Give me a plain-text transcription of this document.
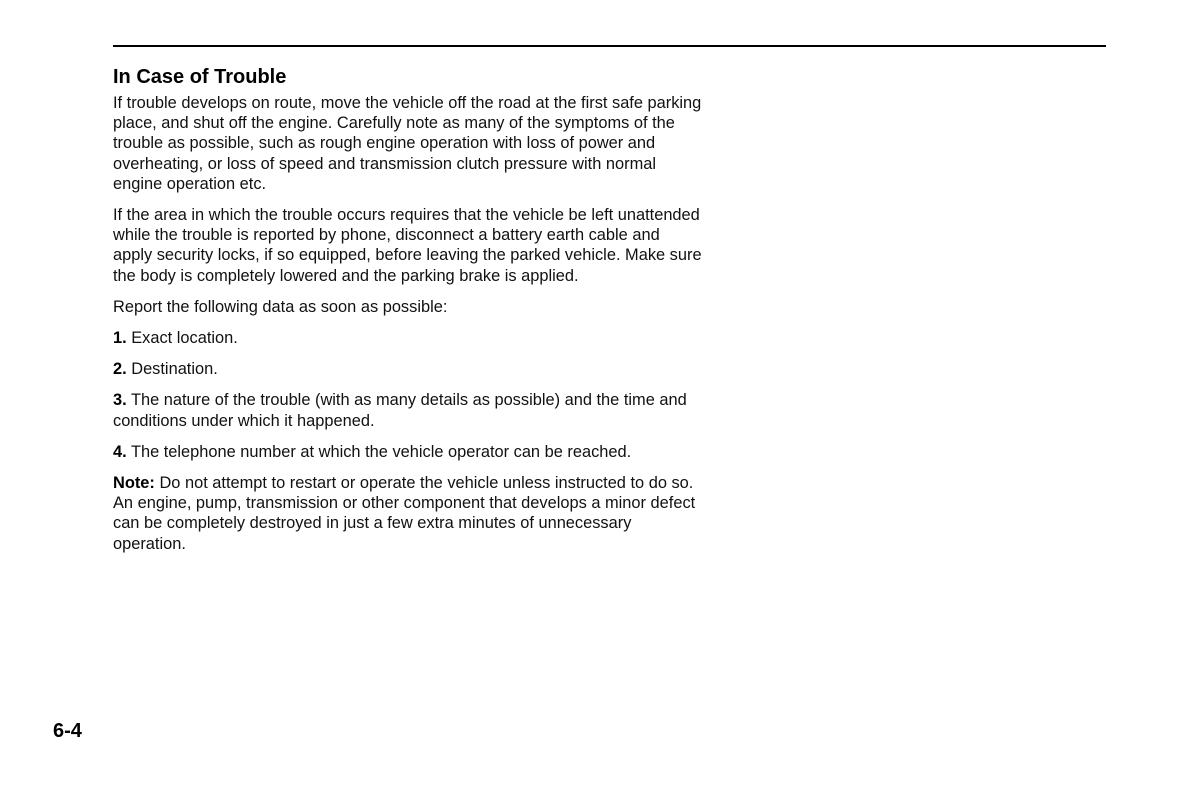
In Case of Trouble

If trouble develops on route, move the vehicle off the road at the first safe parking
place, and shut off the engine. Carefully note as many of the symptoms of the
trouble as possible, such as rough engine operation with loss of power and
overheating, or loss of speed and transmission clutch pressure with normal
engine operation etc.

If the area in which the trouble occurs requires that the vehicle be left unattended
while the trouble is reported by phone, disconnect a battery earth cable and
apply security locks, if so equipped, before leaving the parked vehicle. Make sure
the body is completely lowered and the parking brake is applied.

Report the following data as soon as possible:

1. Exact location.

2. Destination.

3. The nature of the trouble (with as many details as possible) and the time and
conditions under which it happened.

4. The telephone number at which the vehicle operator can be reached.

Note: Do not attempt to restart or operate the vehicle unless instructed to do so.
An engine, pump, transmission or other component that develops a minor defect
can be completely destroyed in just a few extra minutes of unnecessary
operation.

6-4
